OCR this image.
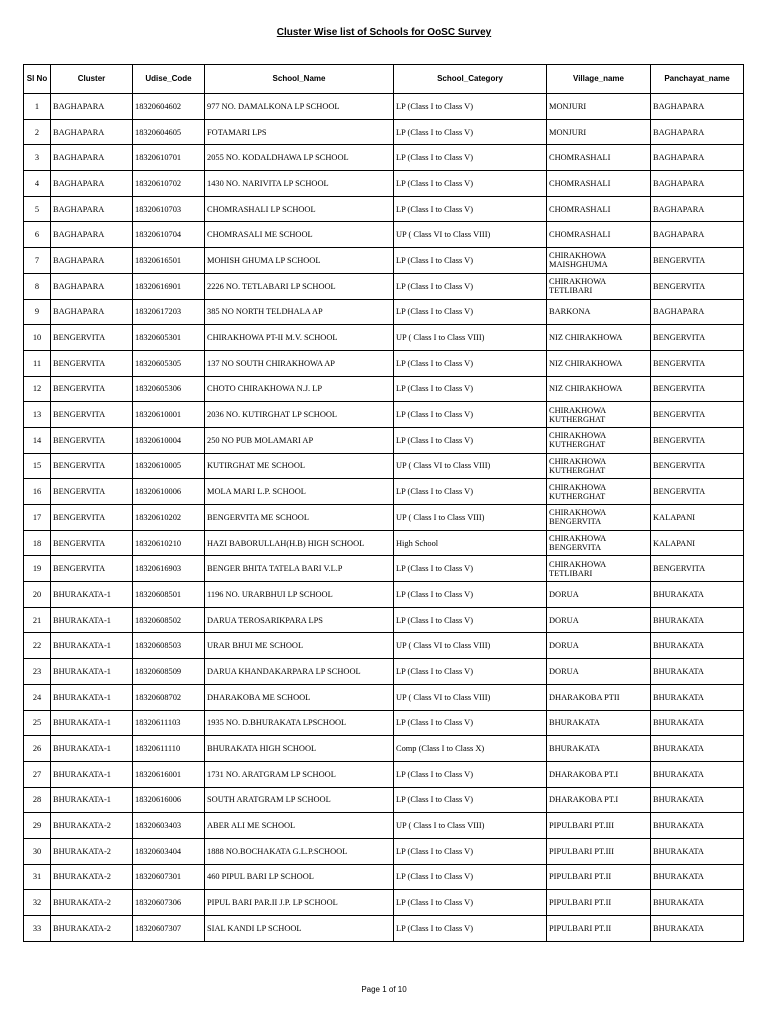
Cluster Wise list of Schools for OoSC Survey
Sl No	Cluster	Udise_Code	School_Name	School_Category	Village_name	Panchayat_name
1	BAGHAPARA	18320604602	977 NO. DAMALKONA LP SCHOOL	LP (Class I to Class V)	MONJURI	BAGHAPARA
2	BAGHAPARA	18320604605	FOTAMARI LPS	LP (Class I to Class V)	MONJURI	BAGHAPARA
3	BAGHAPARA	18320610701	2055 NO. KODALDHAWA LP SCHOOL	LP (Class I to Class V)	CHOMRASHALI	BAGHAPARA
4	BAGHAPARA	18320610702	1430 NO. NARIVITA LP SCHOOL	LP (Class I to Class V)	CHOMRASHALI	BAGHAPARA
5	BAGHAPARA	18320610703	CHOMRASHALI LP SCHOOL	LP (Class I to Class V)	CHOMRASHALI	BAGHAPARA
6	BAGHAPARA	18320610704	CHOMRASALI ME SCHOOL	UP ( Class VI to Class VIII)	CHOMRASHALI	BAGHAPARA
7	BAGHAPARA	18320616501	MOHISH GHUMA LP SCHOOL	LP (Class I to Class V)	CHIRAKHOWA MAISHGHUMA	BENGERVITA
8	BAGHAPARA	18320616901	2226 NO. TETLABARI LP SCHOOL	LP (Class I to Class V)	CHIRAKHOWA TETLIBARI	BENGERVITA
9	BAGHAPARA	18320617203	385 NO NORTH TELDHALA AP	LP (Class I to Class V)	BARKONA	BAGHAPARA
10	BENGERVITA	18320605301	CHIRAKHOWA PT-II M.V. SCHOOL	UP ( Class I to Class VIII)	NIZ CHIRAKHOWA	BENGERVITA
11	BENGERVITA	18320605305	137 NO SOUTH CHIRAKHOWA AP	LP (Class I to Class V)	NIZ CHIRAKHOWA	BENGERVITA
12	BENGERVITA	18320605306	CHOTO CHIRAKHOWA N.J. LP	LP (Class I to Class V)	NIZ CHIRAKHOWA	BENGERVITA
13	BENGERVITA	18320610001	2036 NO. KUTIRGHAT LP SCHOOL	LP (Class I to Class V)	CHIRAKHOWA KUTHERGHAT	BENGERVITA
14	BENGERVITA	18320610004	250 NO PUB MOLAMARI AP	LP (Class I to Class V)	CHIRAKHOWA KUTHERGHAT	BENGERVITA
15	BENGERVITA	18320610005	KUTIRGHAT ME SCHOOL	UP ( Class VI to Class VIII)	CHIRAKHOWA KUTHERGHAT	BENGERVITA
16	BENGERVITA	18320610006	MOLA MARI L.P. SCHOOL	LP (Class I to Class V)	CHIRAKHOWA KUTHERGHAT	BENGERVITA
17	BENGERVITA	18320610202	BENGERVITA ME SCHOOL	UP ( Class I to Class VIII)	CHIRAKHOWA BENGERVITA	KALAPANI
18	BENGERVITA	18320610210	HAZI BABORULLAH(H.B) HIGH SCHOOL	High School	CHIRAKHOWA BENGERVITA	KALAPANI
19	BENGERVITA	18320616903	BENGER BHITA TATELA BARI V.L.P	LP (Class I to Class V)	CHIRAKHOWA TETLIBARI	BENGERVITA
20	BHURAKATA-1	18320608501	1196 NO. URARBHUI LP SCHOOL	LP (Class I to Class V)	DORUA	BHURAKATA
21	BHURAKATA-1	18320608502	DARUA TEROSARIKPARA LPS	LP (Class I to Class V)	DORUA	BHURAKATA
22	BHURAKATA-1	18320608503	URAR BHUI ME SCHOOL	UP ( Class VI to Class VIII)	DORUA	BHURAKATA
23	BHURAKATA-1	18320608509	DARUA KHANDAKARPARA LP SCHOOL	LP (Class I to Class V)	DORUA	BHURAKATA
24	BHURAKATA-1	18320608702	DHARAKOBA ME SCHOOL	UP ( Class VI to Class VIII)	DHARAKOBA PTII	BHURAKATA
25	BHURAKATA-1	18320611103	1935 NO. D.BHURAKATA LPSCHOOL	LP (Class I to Class V)	BHURAKATA	BHURAKATA
26	BHURAKATA-1	18320611110	BHURAKATA HIGH SCHOOL	Comp (Class I to Class X)	BHURAKATA	BHURAKATA
27	BHURAKATA-1	18320616001	1731 NO. ARATGRAM LP SCHOOL	LP (Class I to Class V)	DHARAKOBA PT.I	BHURAKATA
28	BHURAKATA-1	18320616006	SOUTH ARATGRAM LP SCHOOL	LP (Class I to Class V)	DHARAKOBA PT.I	BHURAKATA
29	BHURAKATA-2	18320603403	ABER ALI ME SCHOOL	UP ( Class I to Class VIII)	PIPULBARI PT.III	BHURAKATA
30	BHURAKATA-2	18320603404	1888 NO.BOCHAKATA G.L.P.SCHOOL	LP (Class I to Class V)	PIPULBARI PT.III	BHURAKATA
31	BHURAKATA-2	18320607301	460 PIPUL BARI LP SCHOOL	LP (Class I to Class V)	PIPULBARI PT.II	BHURAKATA
32	BHURAKATA-2	18320607306	PIPUL BARI PAR.II J.P. LP SCHOOL	LP (Class I to Class V)	PIPULBARI PT.II	BHURAKATA
33	BHURAKATA-2	18320607307	SIAL KANDI LP SCHOOL	LP (Class I to Class V)	PIPULBARI PT.II	BHURAKATA
Page 1 of 10
